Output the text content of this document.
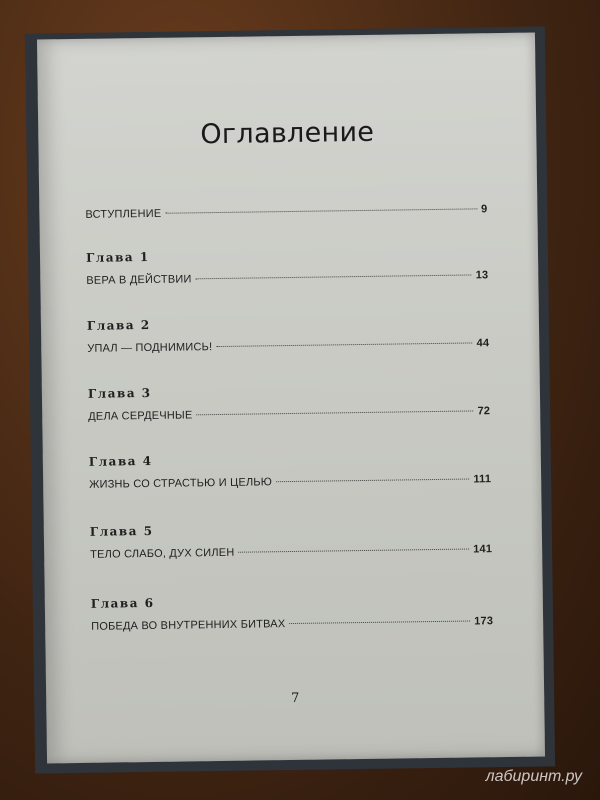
Оглавление
ВСТУПЛЕНИЕ	9
Глава 1
ВЕРА В ДЕЙСТВИИ	13
Глава 2
УПАЛ — ПОДНИМИСЬ!	44
Глава 3
ДЕЛА СЕРДЕЧНЫЕ	72
Глава 4
ЖИЗНЬ СО СТРАСТЬЮ И ЦЕЛЬЮ	111
Глава 5
ТЕЛО СЛАБО, ДУХ СИЛЕН	141
Глава 6
ПОБЕДА ВО ВНУТРЕННИХ БИТВАХ	173
7
лабиринт.ру
